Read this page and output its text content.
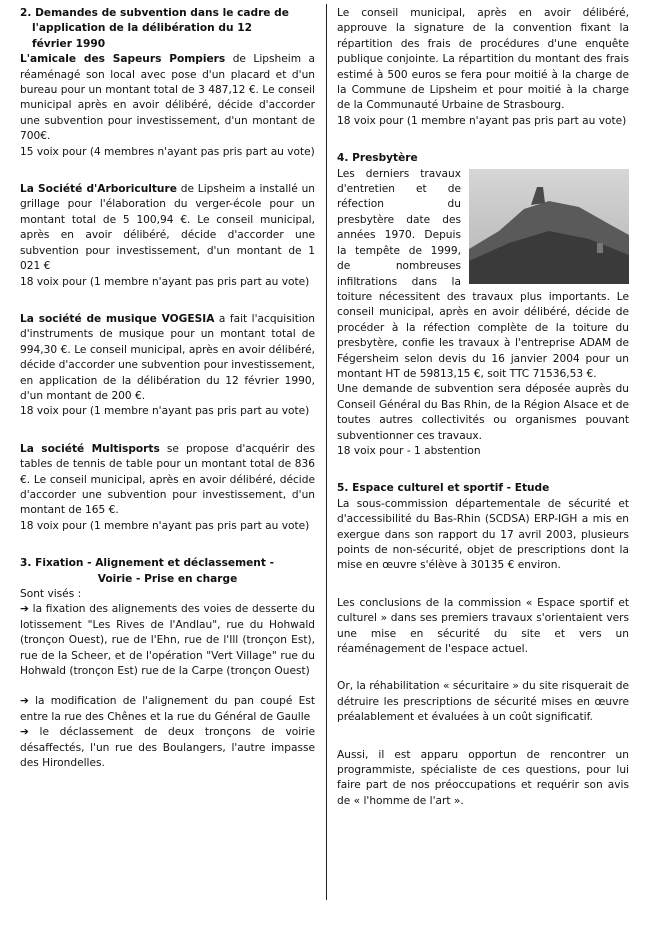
2. Demandes de subvention dans le cadre de
l'application de la délibération du 12
février 1990

L'amicale des Sapeurs Pompiers de Lipsheim a réaménagé son local avec pose d'un placard et d'un bureau pour un montant total de 3 487,12 €. Le conseil municipal après en avoir délibéré, décide d'accorder une subvention pour investissement, d'un montant de 700€.

15 voix pour (4 membres n'ayant pas pris part au vote)

La Société d'Arboriculture de Lipsheim a installé un grillage pour l'élaboration du verger-école pour un montant total de 5 100,94 €. Le conseil municipal, après en avoir délibéré, décide d'accorder une subvention pour investissement, d'un montant de 1 021 €

18 voix pour (1 membre n'ayant pas pris part au vote)

La société de musique VOGESIA a fait l'acquisition d'instruments de musique pour un montant total de 994,30 €. Le conseil municipal, après en avoir délibéré, décide d'accorder une subvention pour investissement, en application de la délibération du 12 février 1990, d'un montant de 200 €.

18 voix pour (1 membre n'ayant pas pris part au vote)

La société Multisports se propose d'acquérir des tables de tennis de table pour un montant total de 836 €. Le conseil municipal, après en avoir délibéré, décide d'accorder une subvention pour investissement, d'un montant de 165 €.

18 voix pour (1 membre n'ayant pas pris part au vote)

3. Fixation - Alignement et déclassement -
Voirie - Prise en charge

Sont visés :

➔ la fixation des alignements des voies de desserte du lotissement "Les Rives de l'Andlau", rue du Hohwald (tronçon Ouest), rue de l'Ehn, rue de l'Ill (tronçon Est), rue de la Scheer, et de l'opération "Vert Village" rue du Hohwald (tronçon Est) rue de la Carpe (tronçon Ouest)

➔ la modification de l'alignement du pan coupé Est entre la rue des Chênes et la rue du Général de Gaulle

➔ le déclassement de deux tronçons de voirie désaffectés, l'un rue des Boulangers, l'autre impasse des Hirondelles.

Le conseil municipal, après en avoir délibéré, approuve la signature de la convention fixant la répartition des frais de procédures d'une enquête publique conjointe. La répartition du montant des frais estimé à 500 euros se fera pour moitié à la charge de la Commune de Lipsheim et pour moitié à la charge de la Communauté Urbaine de Strasbourg.

18 voix pour (1 membre n'ayant pas pris part au vote)

4. Presbytère

Les derniers travaux d'entretien et de réfection du presbytère date des années 1970. Depuis la tempête de 1999, de nombreuses infiltrations dans la toiture nécessitent des travaux plus importants. Le conseil municipal, après en avoir délibéré, décide de procéder à la réfection complète de la toiture du presbytère, confie les travaux à l'entreprise ADAM de Fégersheim selon devis du 16 janvier 2004 pour un montant HT de 59813,15 €, soit TTC 71536,53 €.

Une demande de subvention sera déposée auprès du Conseil Général du Bas Rhin, de la Région Alsace et de toutes autres collectivités ou organismes pouvant subventionner ces travaux.

18 voix pour - 1 abstention

5. Espace culturel et sportif - Etude

La sous-commission départementale de sécurité et d'accessibilité du Bas-Rhin (SCDSA) ERP-IGH a mis en exergue dans son rapport du 17 avril 2003, plusieurs points de non-sécurité, objet de prescriptions dont la mise en œuvre s'élève à 30135 € environ.

Les conclusions de la commission « Espace sportif et culturel » dans ses premiers travaux s'orientaient vers une mise en sécurité du site et vers un réaménagement de l'espace actuel.

Or, la réhabilitation « sécuritaire » du site risquerait de détruire les prescriptions de sécurité mises en œuvre préalablement et évaluées à un coût significatif.

Aussi, il est apparu opportun de rencontrer un programmiste, spécialiste de ces questions, pour lui faire part de nos préoccupations et requérir son avis de « l'homme de l'art ».
